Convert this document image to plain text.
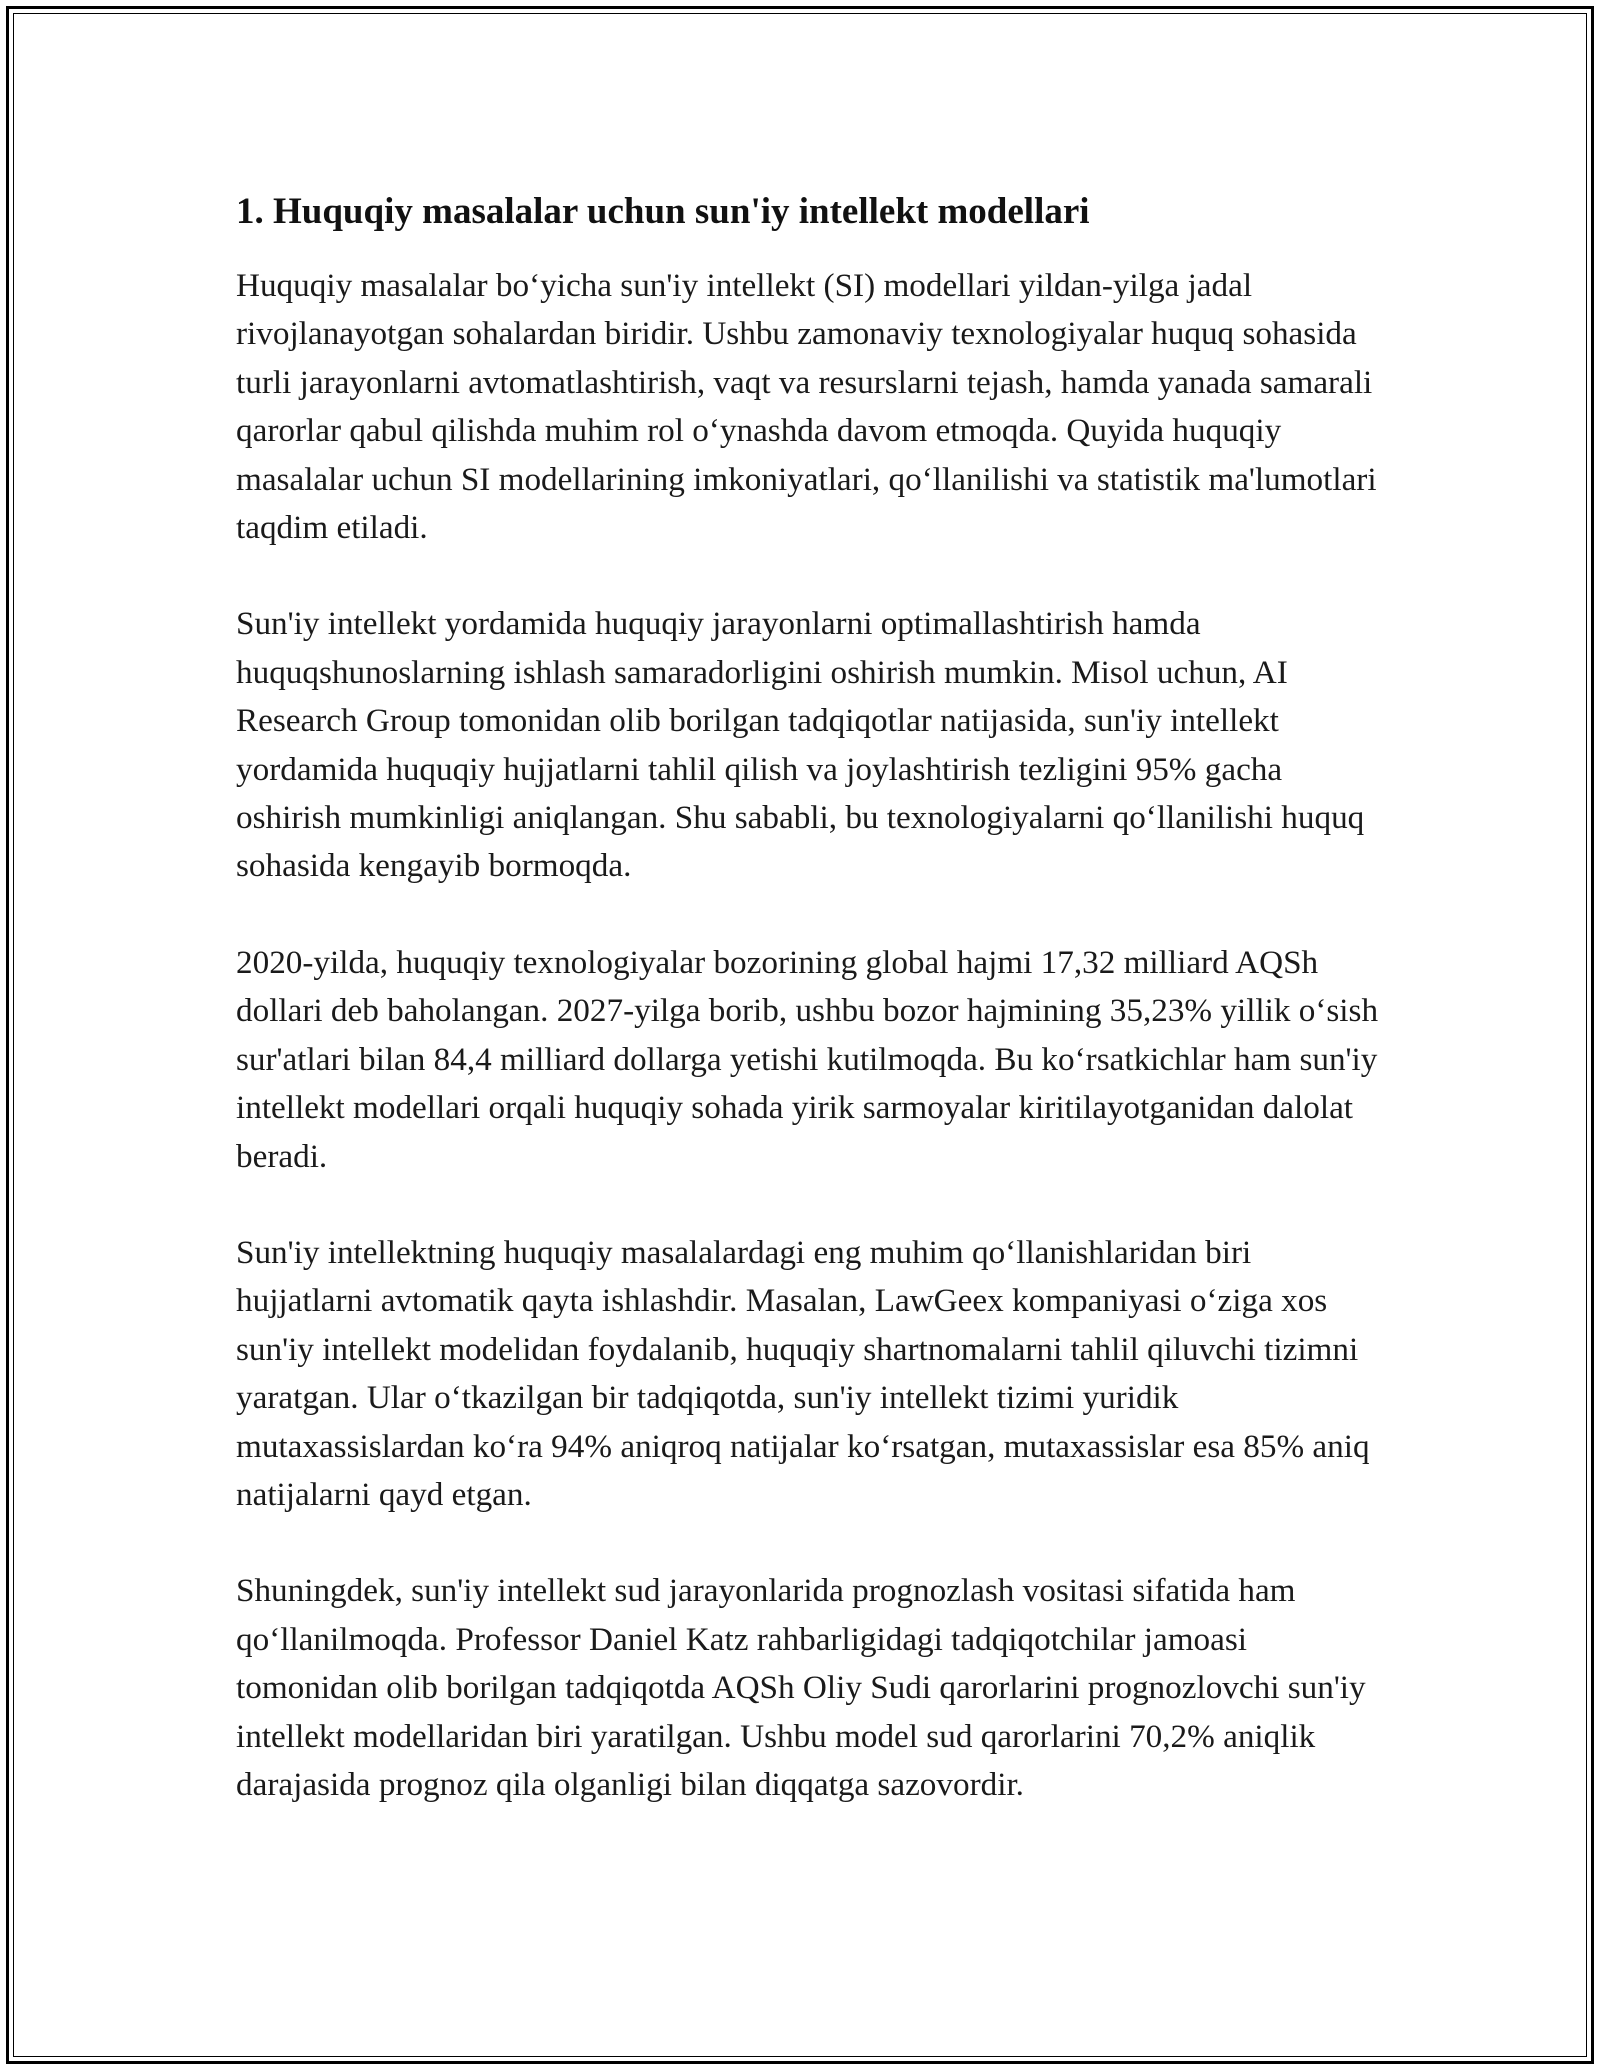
1. Huquqiy masalalar uchun sun'iy intellekt modellari

Huquqiy masalalar bo‘yicha sun'iy intellekt (SI) modellari yildan-yilga jadal rivojlanayotgan sohalardan biridir. Ushbu zamonaviy texnologiyalar huquq sohasida turli jarayonlarni avtomatlashtirish, vaqt va resurslarni tejash, hamda yanada samarali qarorlar qabul qilishda muhim rol o‘ynashda davom etmoqda. Quyida huquqiy masalalar uchun SI modellarining imkoniyatlari, qo‘llanilishi va statistik ma'lumotlari taqdim etiladi.

Sun'iy intellekt yordamida huquqiy jarayonlarni optimallashtirish hamda huquqshunoslarning ishlash samaradorligini oshirish mumkin. Misol uchun, AI Research Group tomonidan olib borilgan tadqiqotlar natijasida, sun'iy intellekt yordamida huquqiy hujjatlarni tahlil qilish va joylashtirish tezligini 95% gacha oshirish mumkinligi aniqlangan. Shu sababli, bu texnologiyalarni qo‘llanilishi huquq sohasida kengayib bormoqda.

2020-yilda, huquqiy texnologiyalar bozorining global hajmi 17,32 milliard AQSh dollari deb baholangan. 2027-yilga borib, ushbu bozor hajmining 35,23% yillik o‘sish sur'atlari bilan 84,4 milliard dollarga yetishi kutilmoqda. Bu ko‘rsatkichlar ham sun'iy intellekt modellari orqali huquqiy sohada yirik sarmoyalar kiritilayotganidan dalolat beradi.

Sun'iy intellektning huquqiy masalalardagi eng muhim qo‘llanishlaridan biri hujjatlarni avtomatik qayta ishlashdir. Masalan, LawGeex kompaniyasi o‘ziga xos sun'iy intellekt modelidan foydalanib, huquqiy shartnomalarni tahlil qiluvchi tizimni yaratgan. Ular o‘tkazilgan bir tadqiqotda, sun'iy intellekt tizimi yuridik mutaxassislardan ko‘ra 94% aniqroq natijalar ko‘rsatgan, mutaxassislar esa 85% aniq natijalarni qayd etgan.

Shuningdek, sun'iy intellekt sud jarayonlarida prognozlash vositasi sifatida ham qo‘llanilmoqda. Professor Daniel Katz rahbarligidagi tadqiqotchilar jamoasi tomonidan olib borilgan tadqiqotda AQSh Oliy Sudi qarorlarini prognozlovchi sun'iy intellekt modellaridan biri yaratilgan. Ushbu model sud qarorlarini 70,2% aniqlik darajasida prognoz qila olganligi bilan diqqatga sazovordir.
